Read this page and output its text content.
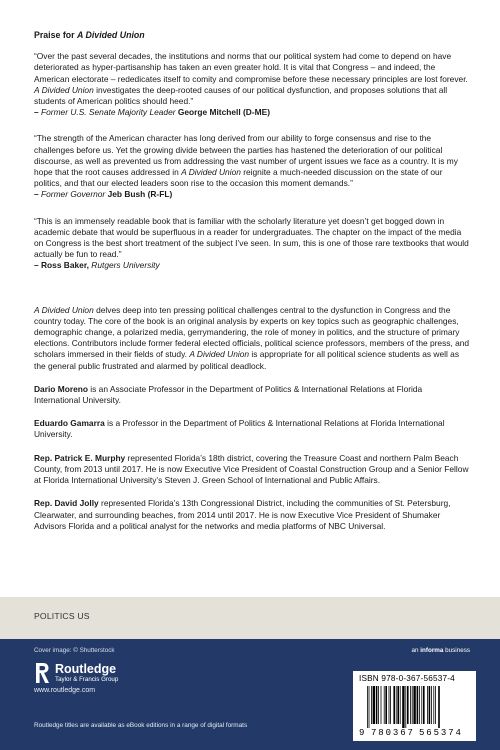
Praise for A Divided Union

“Over the past several decades, the institutions and norms that our political system had come to depend on have deteriorated as hyper-partisanship has taken an even greater hold. It is vital that Congress – and indeed, the American electorate – rededicates itself to comity and compromise before these necessary principles are lost forever. A Divided Union investigates the deep-rooted causes of our political dysfunction, and proposes solutions that all students of American politics should heed.”

– Former U.S. Senate Majority Leader George Mitchell (D-ME)

“The strength of the American character has long derived from our ability to forge consensus and rise to the challenges before us. Yet the growing divide between the parties has hastened the deterioration of our political discourse, as well as prevented us from addressing the vast number of urgent issues we face as a country. It is my hope that the root causes addressed in A Divided Union reignite a much-needed discussion on the state of our politics, and that our elected leaders soon rise to the occasion this moment demands.”

– Former Governor Jeb Bush (R-FL)

“This is an immensely readable book that is familiar with the scholarly literature yet doesn’t get bogged down in academic debate that would be superfluous in a reader for undergraduates. The chapter on the impact of the media on Congress is the best short treatment of the subject I’ve seen. In sum, this is one of those rare textbooks that would actually be fun to read.”

– Ross Baker, Rutgers University

A Divided Union delves deep into ten pressing political challenges central to the dysfunction in Congress and the country today. The core of the book is an original analysis by experts on key topics such as geographic challenges, demographic change, a polarized media, gerrymandering, the role of money in politics, and the structure of primary elections. Contributors include former federal elected officials, political science professors, members of the press, and scholars immersed in their fields of study. A Divided Union is appropriate for all political science students as well as the general public frustrated and alarmed by political deadlock.
Dario Moreno is an Associate Professor in the Department of Politics & International Relations at Florida International University.
Eduardo Gamarra is a Professor in the Department of Politics & International Relations at Florida International University.
Rep. Patrick E. Murphy represented Florida’s 18th district, covering the Treasure Coast and northern Palm Beach County, from 2013 until 2017. He is now Executive Vice President of Coastal Construction Group and a Senior Fellow at Florida International University’s Steven J. Green School of International and Public Affairs.
Rep. David Jolly represented Florida’s 13th Congressional District, including the communities of St. Petersburg, Clearwater, and surrounding beaches, from 2014 until 2017. He is now Executive Vice President of Shumaker Advisors Florida and a political analyst for the networks and media platforms of NBC Universal.
POLITICS US
Cover image: © Shutterstock	an informa business
Routledge
Taylor & Francis Group
www.routledge.com
Routledge titles are available as eBook editions in a range of digital formats
ISBN 978-0-367-56537-4
9 780367 565374
